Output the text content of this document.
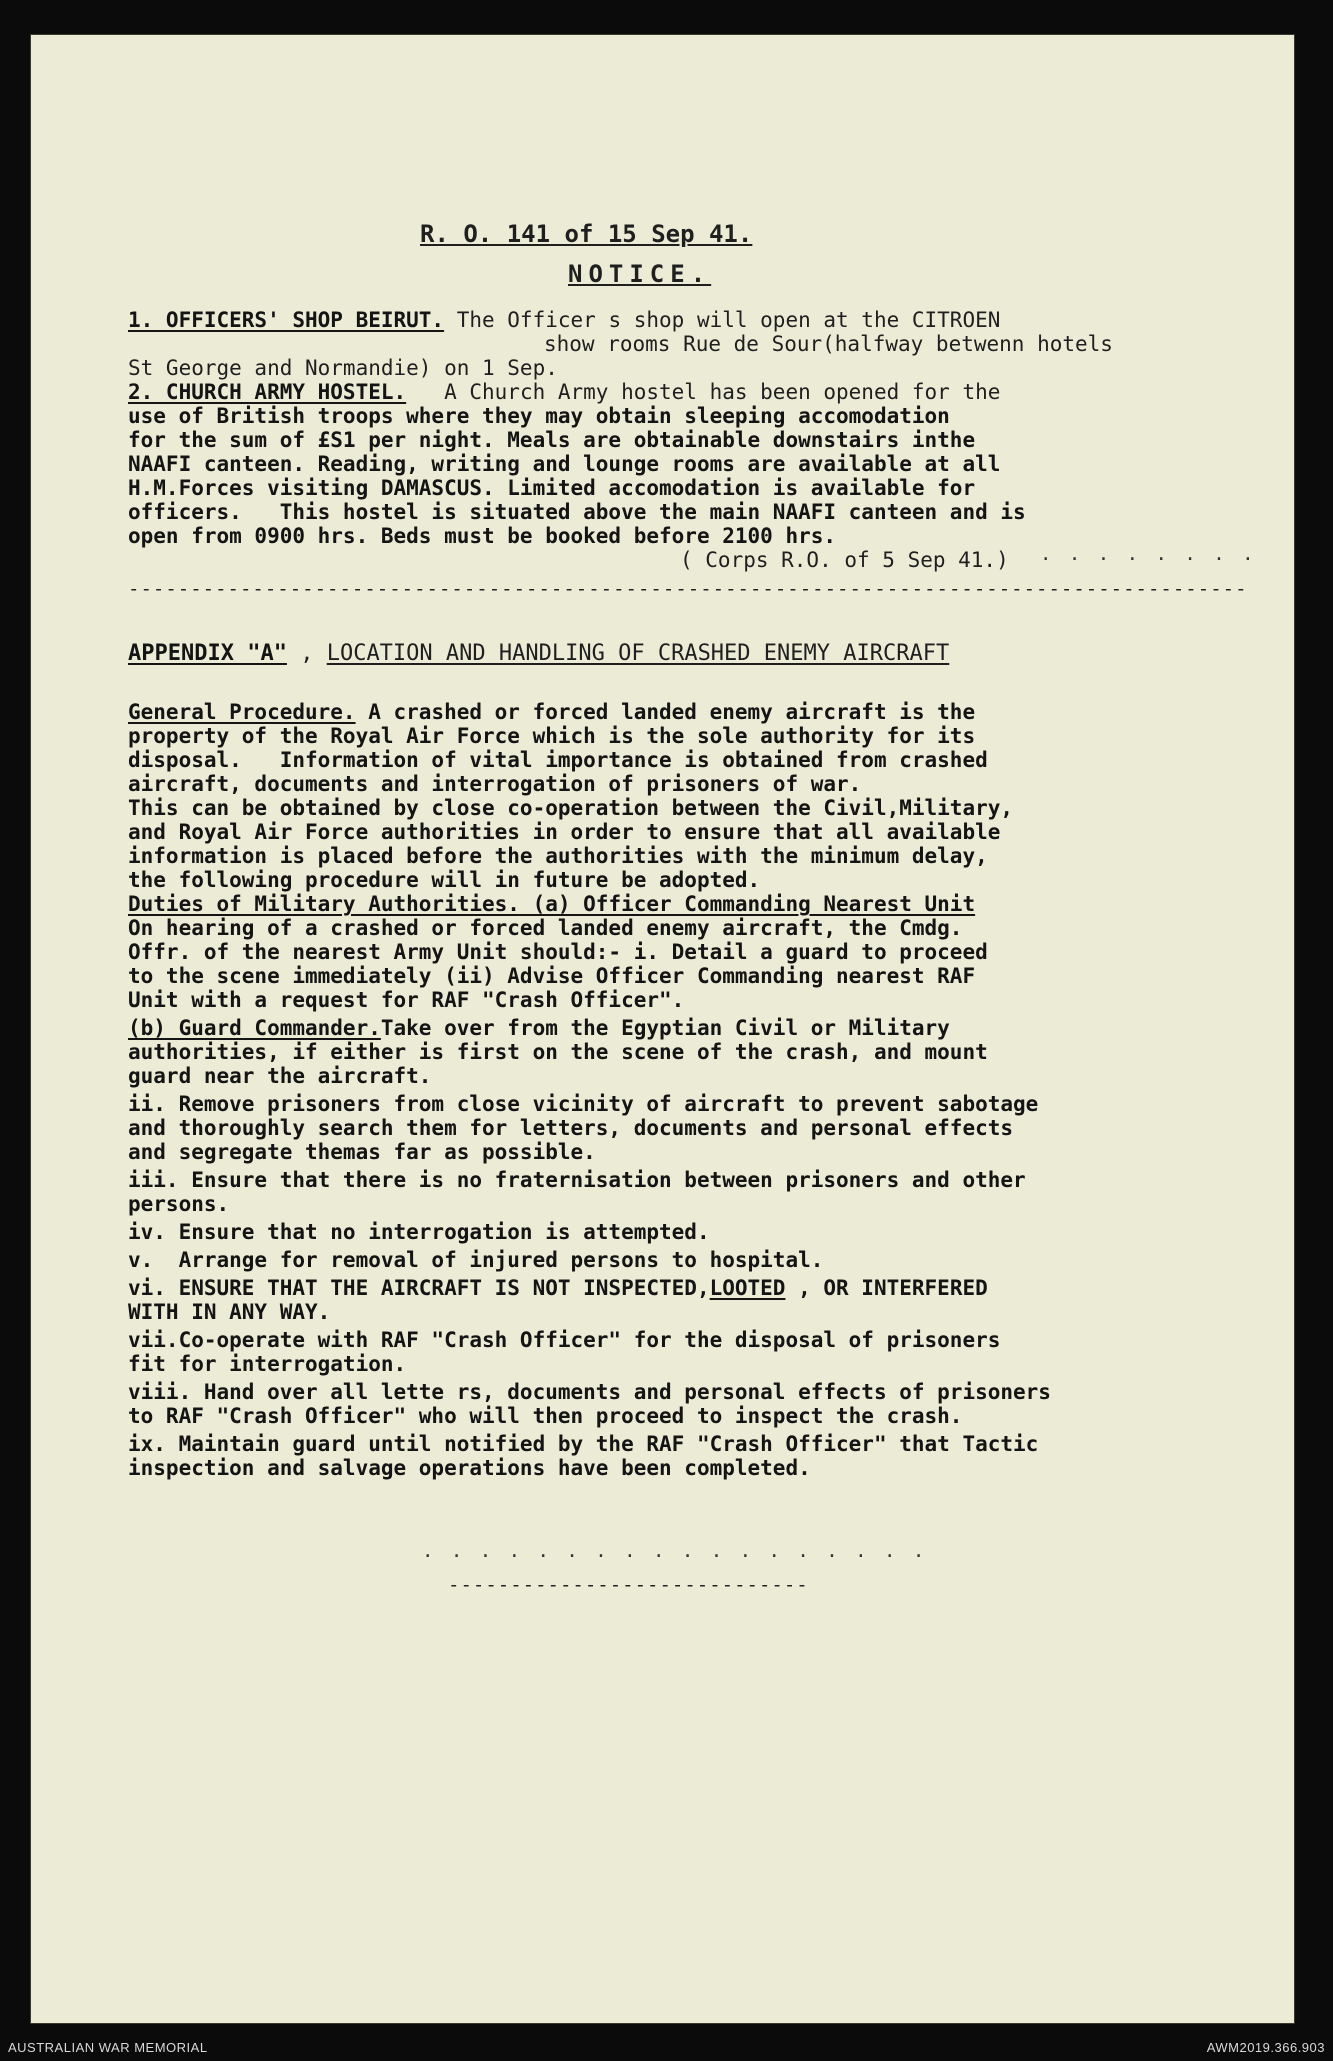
R. O. 141 of 15 Sep 41.
NOTICE.
1. OFFICERS' SHOP BEIRUT. The Officer s shop will open at the CITROEN
show rooms Rue de Sour(halfway betwenn hotels
St George and Normandie) on 1 Sep.
2. CHURCH ARMY HOSTEL.   A Church Army hostel has been opened for the
use of British troops where they may obtain sleeping accomodation
for the sum of £S1 per night. Meals are obtainable downstairs inthe
NAAFI canteen. Reading, writing and lounge rooms are available at all
H.M.Forces visiting DAMASCUS. Limited accomodation is available for
officers.   This hostel is situated above the main NAAFI canteen and is
open from 0900 hrs. Beds must be booked before 2100 hrs.
( Corps R.O. of 5 Sep 41.) · · · · · · · ·
------------------------------------------------------------------------------------------
APPENDIX "A" , LOCATION AND HANDLING OF CRASHED ENEMY AIRCRAFT
General Procedure. A crashed or forced landed enemy aircraft is the
property of the Royal Air Force which is the sole authority for its
disposal.   Information of vital importance is obtained from crashed
aircraft, documents and interrogation of prisoners of war.
This can be obtained by close co-operation between the Civil,Military,
and Royal Air Force authorities in order to ensure that all available
information is placed before the authorities with the minimum delay,
the following procedure will in future be adopted.
Duties of Military Authorities. (a) Officer Commanding Nearest Unit
On hearing of a crashed or forced landed enemy aircraft, the Cmdg.
Offr. of the nearest Army Unit should:- i. Detail a guard to proceed
to the scene immediately (ii) Advise Officer Commanding nearest RAF
Unit with a request for RAF "Crash Officer".
(b) Guard Commander.Take over from the Egyptian Civil or Military
authorities, if either is first on the scene of the crash, and mount
guard near the aircraft.
ii. Remove prisoners from close vicinity of aircraft to prevent sabotage
and thoroughly search them for letters, documents and personal effects
and segregate themas far as possible.
iii. Ensure that there is no fraternisation between prisoners and other
persons.
iv. Ensure that no interrogation is attempted.
v.  Arrange for removal of injured persons to hospital.
vi. ENSURE THAT THE AIRCRAFT IS NOT INSPECTED,LOOTED , OR INTERFERED
WITH IN ANY WAY.
vii.Co-operate with RAF "Crash Officer" for the disposal of prisoners
fit for interrogation.
viii. Hand over all lette rs, documents and personal effects of prisoners
to RAF "Crash Officer" who will then proceed to inspect the crash.
ix. Maintain guard until notified by the RAF "Crash Officer" that Tactic
inspection and salvage operations have been completed.
. . . . . . . . . . . . . . . . . .
-----------------------------
AUSTRALIAN WAR MEMORIAL	AWM2019.366.903
